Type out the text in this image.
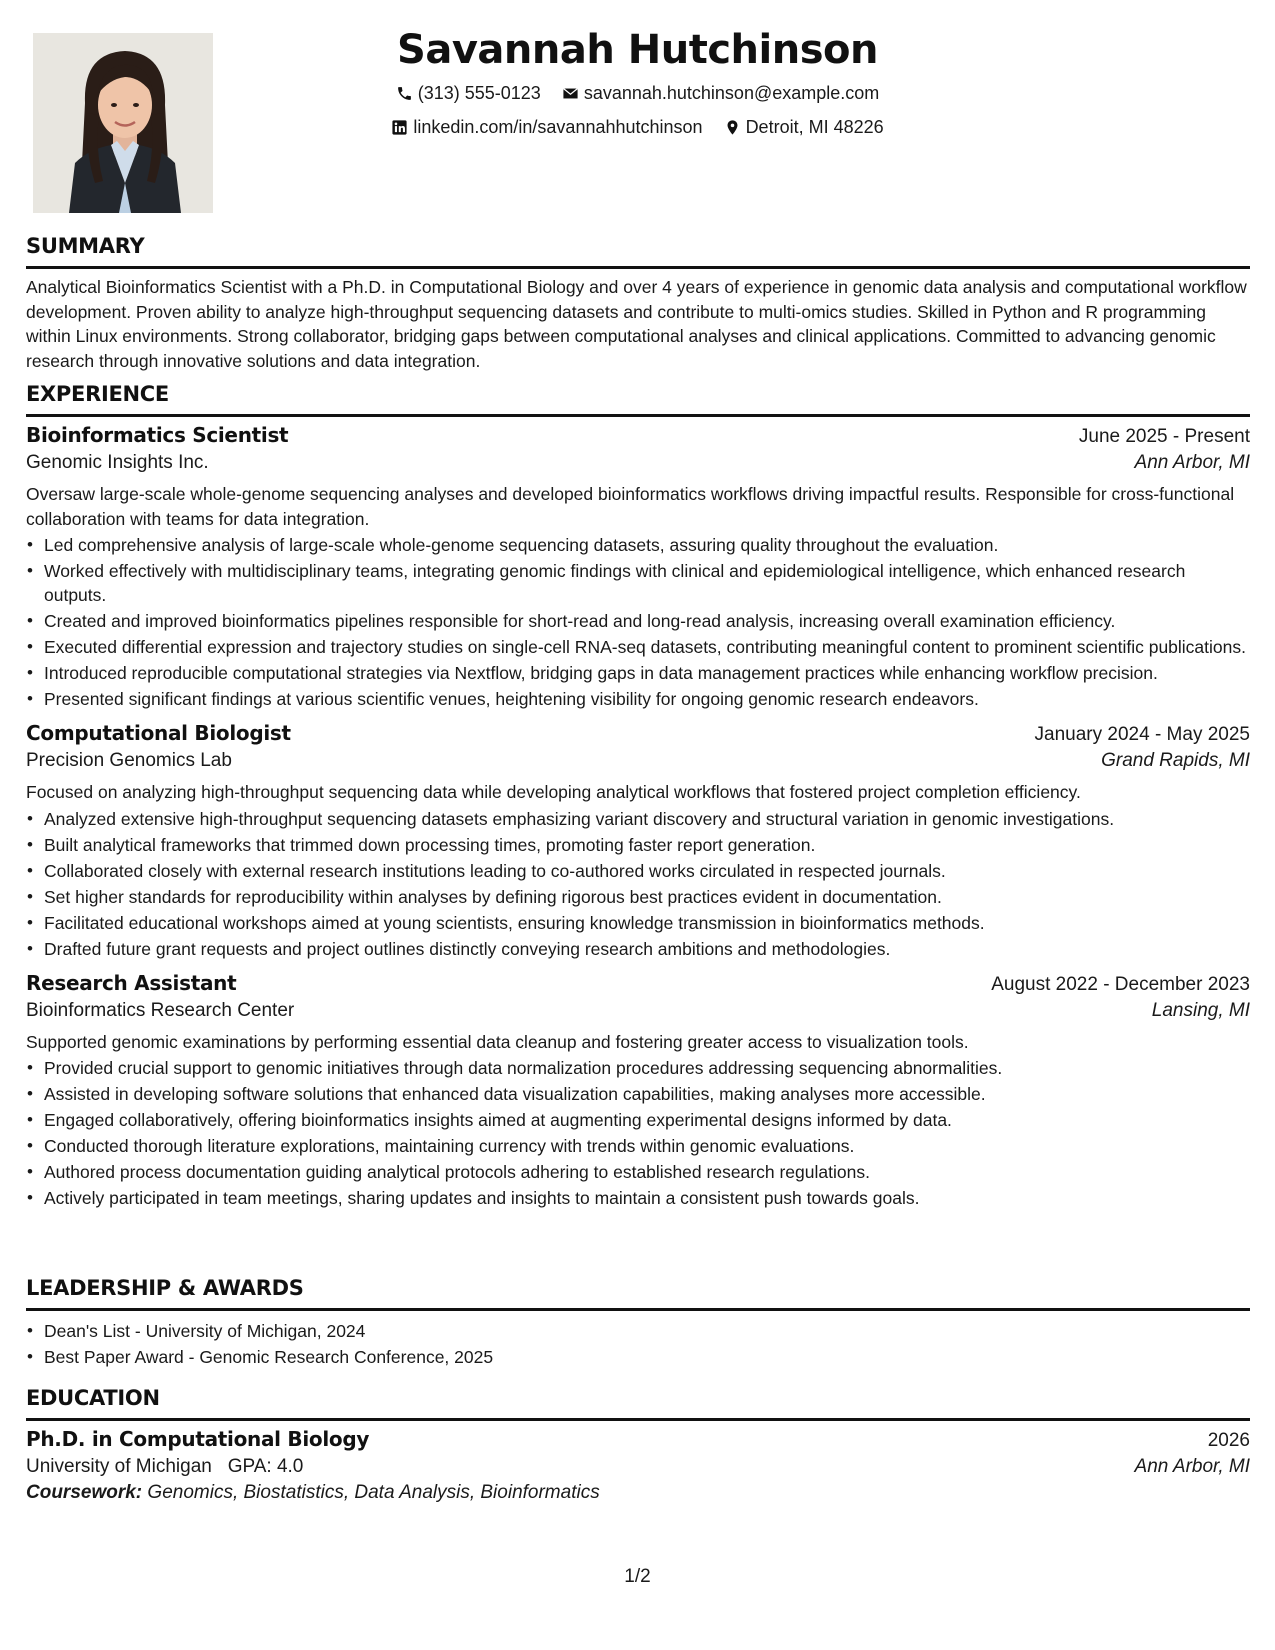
Savannah Hutchinson
(313) 555-0123
savannah.hutchinson@example.com
linkedin.com/in/savannahhutchinson
Detroit, MI 48226
SUMMARY

Analytical Bioinformatics Scientist with a Ph.D. in Computational Biology and over 4 years of experience in genomic data analysis and computational workflow development. Proven ability to analyze high-throughput sequencing datasets and contribute to multi-omics studies. Skilled in Python and R programming within Linux environments. Strong collaborator, bridging gaps between computational analyses and clinical applications. Committed to advancing genomic research through innovative solutions and data integration.

EXPERIENCE
Bioinformatics Scientist	June 2025 - Present
Genomic Insights Inc.	Ann Arbor, MI

Oversaw large-scale whole-genome sequencing analyses and developed bioinformatics workflows driving impactful results. Responsible for cross-functional collaboration with teams for data integration.

• Led comprehensive analysis of large-scale whole-genome sequencing datasets, assuring quality throughout the evaluation.
• Worked effectively with multidisciplinary teams, integrating genomic findings with clinical and epidemiological intelligence, which enhanced research outputs.
• Created and improved bioinformatics pipelines responsible for short-read and long-read analysis, increasing overall examination efficiency.
• Executed differential expression and trajectory studies on single-cell RNA-seq datasets, contributing meaningful content to prominent scientific publications.
• Introduced reproducible computational strategies via Nextflow, bridging gaps in data management practices while enhancing workflow precision.
• Presented significant findings at various scientific venues, heightening visibility for ongoing genomic research endeavors.
Computational Biologist	January 2024 - May 2025
Precision Genomics Lab	Grand Rapids, MI

Focused on analyzing high-throughput sequencing data while developing analytical workflows that fostered project completion efficiency.

• Analyzed extensive high-throughput sequencing datasets emphasizing variant discovery and structural variation in genomic investigations.
• Built analytical frameworks that trimmed down processing times, promoting faster report generation.
• Collaborated closely with external research institutions leading to co-authored works circulated in respected journals.
• Set higher standards for reproducibility within analyses by defining rigorous best practices evident in documentation.
• Facilitated educational workshops aimed at young scientists, ensuring knowledge transmission in bioinformatics methods.
• Drafted future grant requests and project outlines distinctly conveying research ambitions and methodologies.
Research Assistant	August 2022 - December 2023
Bioinformatics Research Center	Lansing, MI

Supported genomic examinations by performing essential data cleanup and fostering greater access to visualization tools.

• Provided crucial support to genomic initiatives through data normalization procedures addressing sequencing abnormalities.
• Assisted in developing software solutions that enhanced data visualization capabilities, making analyses more accessible.
• Engaged collaboratively, offering bioinformatics insights aimed at augmenting experimental designs informed by data.
• Conducted thorough literature explorations, maintaining currency with trends within genomic evaluations.
• Authored process documentation guiding analytical protocols adhering to established research regulations.
• Actively participated in team meetings, sharing updates and insights to maintain a consistent push towards goals.
LEADERSHIP & AWARDS
• Dean's List - University of Michigan, 2024
• Best Paper Award - Genomic Research Conference, 2025
EDUCATION
Ph.D. in Computational Biology	2026
University of Michigan GPA: 4.0	Ann Arbor, MI
Coursework: Genomics, Biostatistics, Data Analysis, Bioinformatics
1/2
